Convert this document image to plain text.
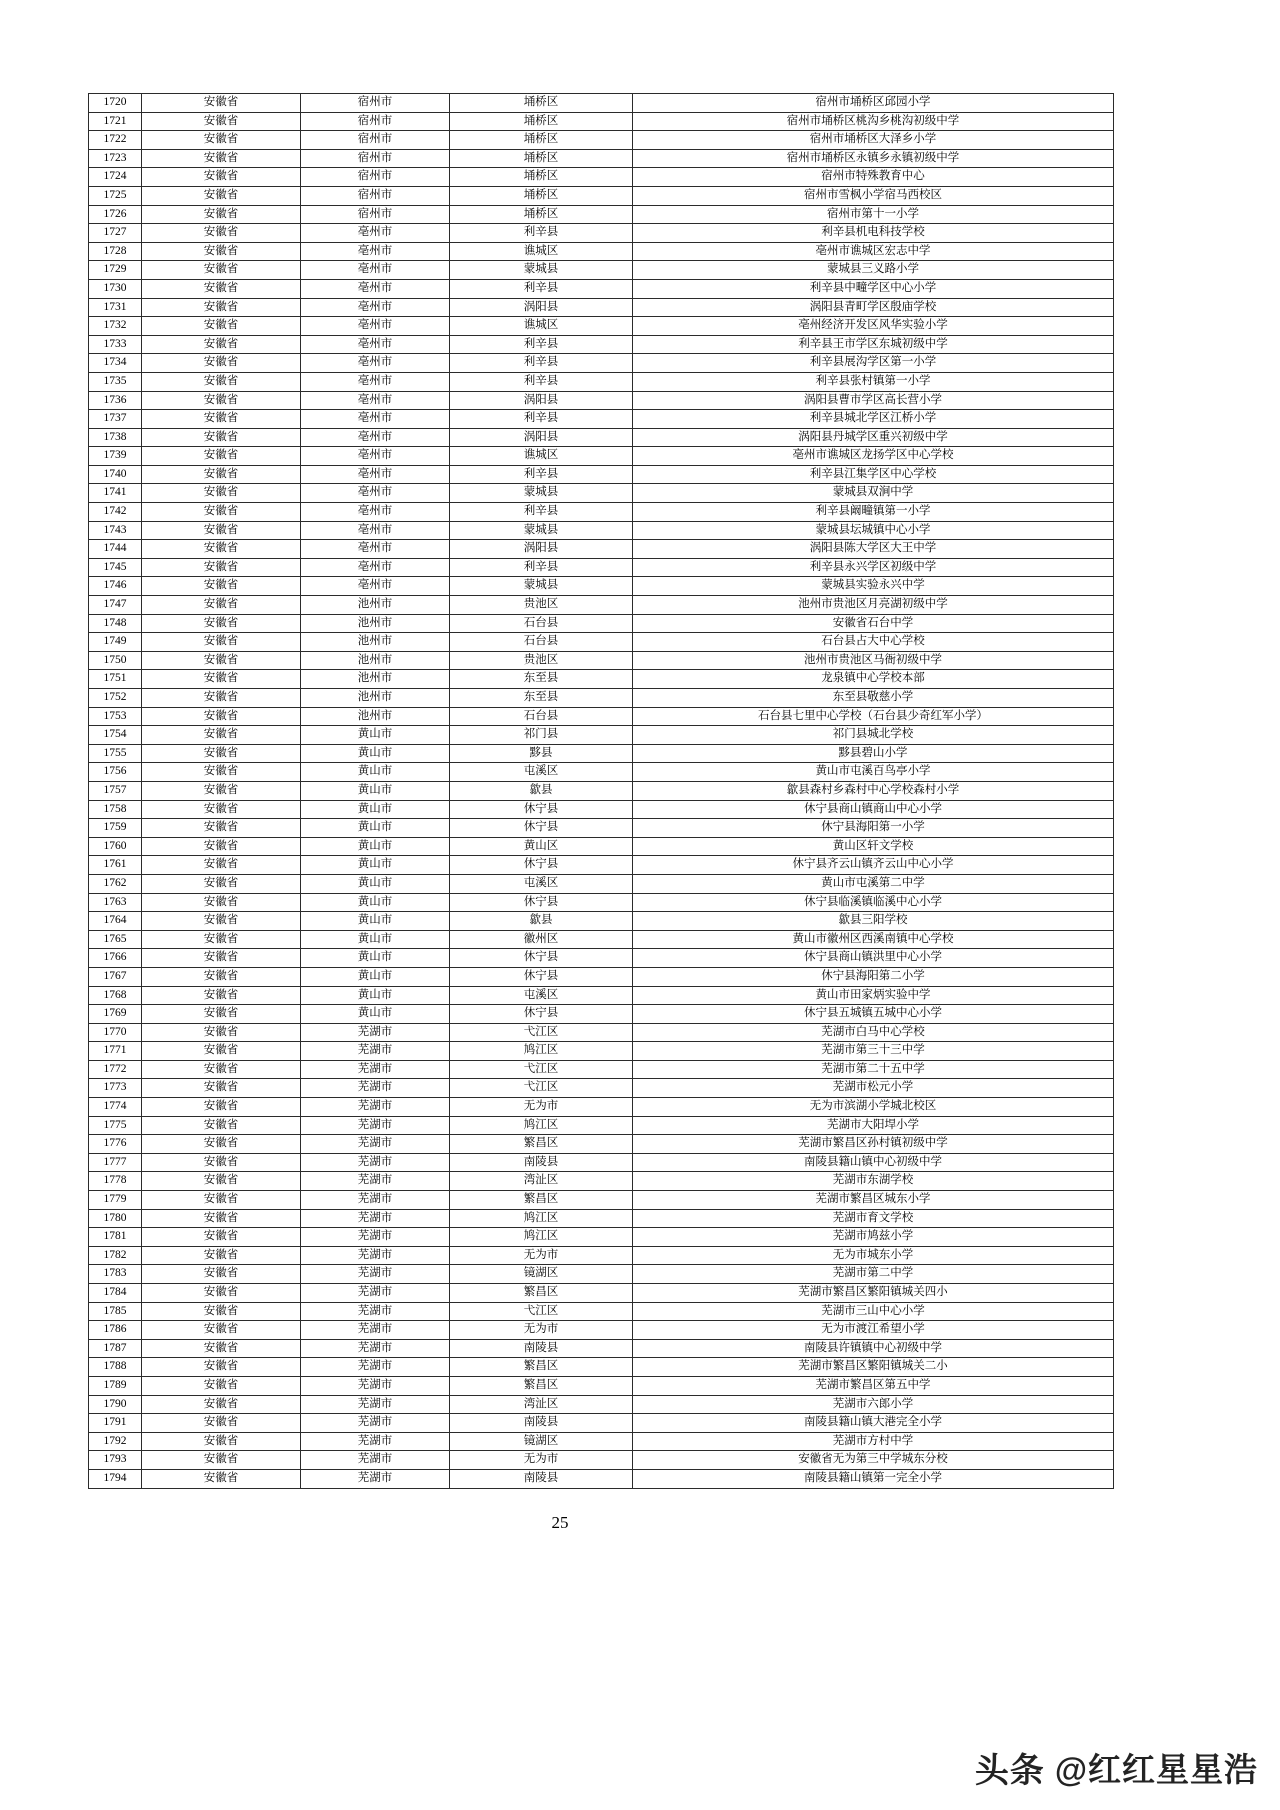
1720	安徽省	宿州市	埇桥区	宿州市埇桥区邱园小学
1721	安徽省	宿州市	埇桥区	宿州市埇桥区桃沟乡桃沟初级中学
1722	安徽省	宿州市	埇桥区	宿州市埇桥区大泽乡小学
1723	安徽省	宿州市	埇桥区	宿州市埇桥区永镇乡永镇初级中学
1724	安徽省	宿州市	埇桥区	宿州市特殊教育中心
1725	安徽省	宿州市	埇桥区	宿州市雪枫小学宿马西校区
1726	安徽省	宿州市	埇桥区	宿州市第十一小学
1727	安徽省	亳州市	利辛县	利辛县机电科技学校
1728	安徽省	亳州市	谯城区	亳州市谯城区宏志中学
1729	安徽省	亳州市	蒙城县	蒙城县三义路小学
1730	安徽省	亳州市	利辛县	利辛县中疃学区中心小学
1731	安徽省	亳州市	涡阳县	涡阳县青町学区殷庙学校
1732	安徽省	亳州市	谯城区	亳州经济开发区风华实验小学
1733	安徽省	亳州市	利辛县	利辛县王市学区东城初级中学
1734	安徽省	亳州市	利辛县	利辛县展沟学区第一小学
1735	安徽省	亳州市	利辛县	利辛县张村镇第一小学
1736	安徽省	亳州市	涡阳县	涡阳县曹市学区高长营小学
1737	安徽省	亳州市	利辛县	利辛县城北学区江桥小学
1738	安徽省	亳州市	涡阳县	涡阳县丹城学区重兴初级中学
1739	安徽省	亳州市	谯城区	亳州市谯城区龙扬学区中心学校
1740	安徽省	亳州市	利辛县	利辛县江集学区中心学校
1741	安徽省	亳州市	蒙城县	蒙城县双涧中学
1742	安徽省	亳州市	利辛县	利辛县阚疃镇第一小学
1743	安徽省	亳州市	蒙城县	蒙城县坛城镇中心小学
1744	安徽省	亳州市	涡阳县	涡阳县陈大学区大王中学
1745	安徽省	亳州市	利辛县	利辛县永兴学区初级中学
1746	安徽省	亳州市	蒙城县	蒙城县实验永兴中学
1747	安徽省	池州市	贵池区	池州市贵池区月亮湖初级中学
1748	安徽省	池州市	石台县	安徽省石台中学
1749	安徽省	池州市	石台县	石台县占大中心学校
1750	安徽省	池州市	贵池区	池州市贵池区马衙初级中学
1751	安徽省	池州市	东至县	龙泉镇中心学校本部
1752	安徽省	池州市	东至县	东至县敬慈小学
1753	安徽省	池州市	石台县	石台县七里中心学校（石台县少奇红军小学）
1754	安徽省	黄山市	祁门县	祁门县城北学校
1755	安徽省	黄山市	黟县	黟县碧山小学
1756	安徽省	黄山市	屯溪区	黄山市屯溪百鸟亭小学
1757	安徽省	黄山市	歙县	歙县森村乡森村中心学校森村小学
1758	安徽省	黄山市	休宁县	休宁县商山镇商山中心小学
1759	安徽省	黄山市	休宁县	休宁县海阳第一小学
1760	安徽省	黄山市	黄山区	黄山区轩文学校
1761	安徽省	黄山市	休宁县	休宁县齐云山镇齐云山中心小学
1762	安徽省	黄山市	屯溪区	黄山市屯溪第二中学
1763	安徽省	黄山市	休宁县	休宁县临溪镇临溪中心小学
1764	安徽省	黄山市	歙县	歙县三阳学校
1765	安徽省	黄山市	徽州区	黄山市徽州区西溪南镇中心学校
1766	安徽省	黄山市	休宁县	休宁县商山镇洪里中心小学
1767	安徽省	黄山市	休宁县	休宁县海阳第二小学
1768	安徽省	黄山市	屯溪区	黄山市田家炳实验中学
1769	安徽省	黄山市	休宁县	休宁县五城镇五城中心小学
1770	安徽省	芜湖市	弋江区	芜湖市白马中心学校
1771	安徽省	芜湖市	鸠江区	芜湖市第三十三中学
1772	安徽省	芜湖市	弋江区	芜湖市第二十五中学
1773	安徽省	芜湖市	弋江区	芜湖市松元小学
1774	安徽省	芜湖市	无为市	无为市滨湖小学城北校区
1775	安徽省	芜湖市	鸠江区	芜湖市大阳垾小学
1776	安徽省	芜湖市	繁昌区	芜湖市繁昌区孙村镇初级中学
1777	安徽省	芜湖市	南陵县	南陵县籍山镇中心初级中学
1778	安徽省	芜湖市	湾沚区	芜湖市东湖学校
1779	安徽省	芜湖市	繁昌区	芜湖市繁昌区城东小学
1780	安徽省	芜湖市	鸠江区	芜湖市育文学校
1781	安徽省	芜湖市	鸠江区	芜湖市鸠兹小学
1782	安徽省	芜湖市	无为市	无为市城东小学
1783	安徽省	芜湖市	镜湖区	芜湖市第二中学
1784	安徽省	芜湖市	繁昌区	芜湖市繁昌区繁阳镇城关四小
1785	安徽省	芜湖市	弋江区	芜湖市三山中心小学
1786	安徽省	芜湖市	无为市	无为市渡江希望小学
1787	安徽省	芜湖市	南陵县	南陵县许镇镇中心初级中学
1788	安徽省	芜湖市	繁昌区	芜湖市繁昌区繁阳镇城关二小
1789	安徽省	芜湖市	繁昌区	芜湖市繁昌区第五中学
1790	安徽省	芜湖市	湾沚区	芜湖市六郎小学
1791	安徽省	芜湖市	南陵县	南陵县籍山镇大港完全小学
1792	安徽省	芜湖市	镜湖区	芜湖市方村中学
1793	安徽省	芜湖市	无为市	安徽省无为第三中学城东分校
1794	安徽省	芜湖市	南陵县	南陵县籍山镇第一完全小学
25
头条 @红红星星浩
